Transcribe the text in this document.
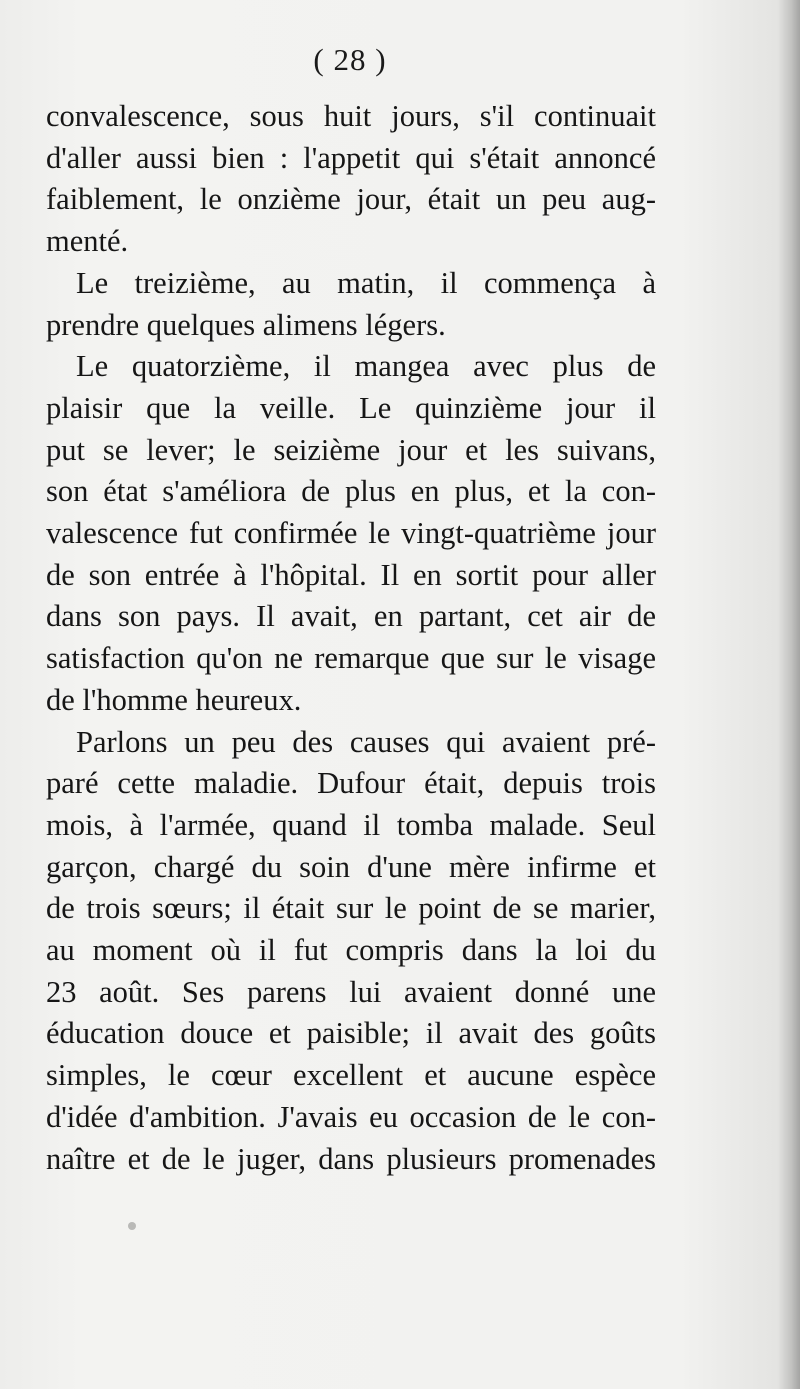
( 28 )

convalescence, sous huit jours, s'il continuait d'aller aussi bien : l'appetit qui s'était annoncé faiblement, le onzième jour, était un peu aug-

menté.

Le treizième, au matin, il commença à

prendre quelques alimens légers.

Le quatorzième, il mangea avec plus de

plaisir que la veille. Le quinzième jour il

put se lever; le seizième jour et les suivans,

son état s'améliora de plus en plus, et la con-

valescence fut confirmée le vingt-quatrième jour

de son entrée à l'hôpital. Il en sortit pour aller

dans son pays. Il avait, en partant, cet air de

satisfaction qu'on ne remarque que sur le visage

de l'homme heureux.

Parlons un peu des causes qui avaient pré-

paré cette maladie. Dufour était, depuis trois

mois, à l'armée, quand il tomba malade. Seul

garçon, chargé du soin d'une mère infirme et

de trois sœurs; il était sur le point de se marier,

au moment où il fut compris dans la loi du

23 août. Ses parens lui avaient donné une

éducation douce et paisible; il avait des goûts

simples, le cœur excellent et aucune espèce

d'idée d'ambition. J'avais eu occasion de le con-

naître et de le juger, dans plusieurs promenades
